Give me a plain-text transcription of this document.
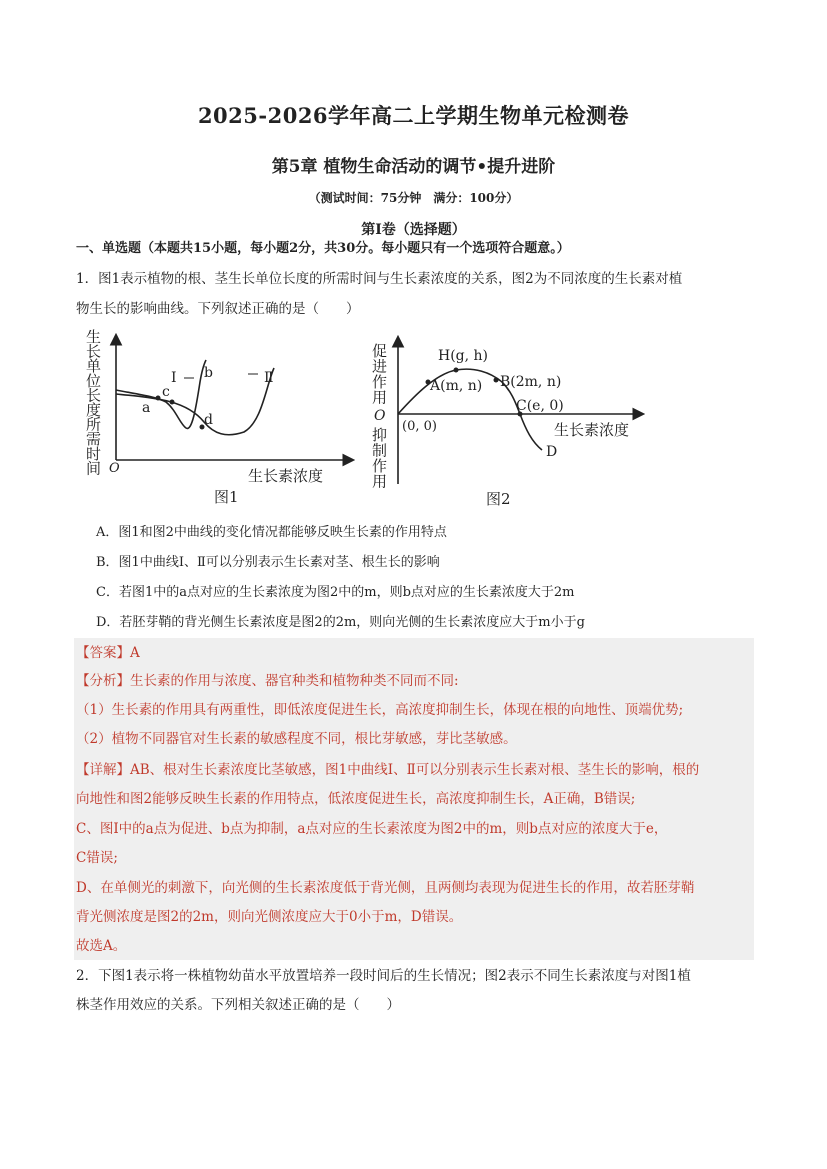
2025-2026学年高二上学期生物单元检测卷
第5章 植物生命活动的调节•提升进阶
（测试时间：75分钟　满分：100分）
第Ⅰ卷（选择题）
一、单选题（本题共15小题，每小题2分，共30分。每小题只有一个选项符合题意。）
1．图1表示植物的根、茎生长单位长度的所需时间与生长素浓度的关系，图2为不同浓度的生长素对植
物生长的影响曲线。下列叙述正确的是（　　）
生
长
单
位
长
度
所
需
时
间 O	生长素浓度
I b	Ⅱ
a
c
d
图1
促
进
作
用
抑
制
作
用
O
H(g, h)
A(m, n) B(2m, n)
C(e, 0)
(0, 0)
D
生长素浓度
图2
A．图1和图2中曲线的变化情况都能够反映生长素的作用特点
B．图1中曲线I、Ⅱ可以分别表示生长素对茎、根生长的影响
C．若图1中的a点对应的生长素浓度为图2中的m，则b点对应的生长素浓度大于2m
D．若胚芽鞘的背光侧生长素浓度是图2的2m，则向光侧的生长素浓度应大于m小于g
【答案】A
【分析】生长素的作用与浓度、器官种类和植物种类不同而不同:
（1）生长素的作用具有两重性，即低浓度促进生长，高浓度抑制生长，体现在根的向地性、顶端优势;
（2）植物不同器官对生长素的敏感程度不同，根比芽敏感，芽比茎敏感。
【详解】AB、根对生长素浓度比茎敏感，图1中曲线I、Ⅱ可以分别表示生长素对根、茎生长的影响，根的
向地性和图2能够反映生长素的作用特点，低浓度促进生长，高浓度抑制生长，A正确，B错误;
C、图I中的a点为促进、b点为抑制，a点对应的生长素浓度为图2中的m，则b点对应的浓度大于e，
C错误;
D、在单侧光的刺激下，向光侧的生长素浓度低于背光侧，且两侧均表现为促进生长的作用，故若胚芽鞘
背光侧浓度是图2的2m，则向光侧浓度应大于0小于m，D错误。
故选A。
2．下图1表示将一株植物幼苗水平放置培养一段时间后的生长情况；图2表示不同生长素浓度与对图1植
株茎作用效应的关系。下列相关叙述正确的是（　　）
